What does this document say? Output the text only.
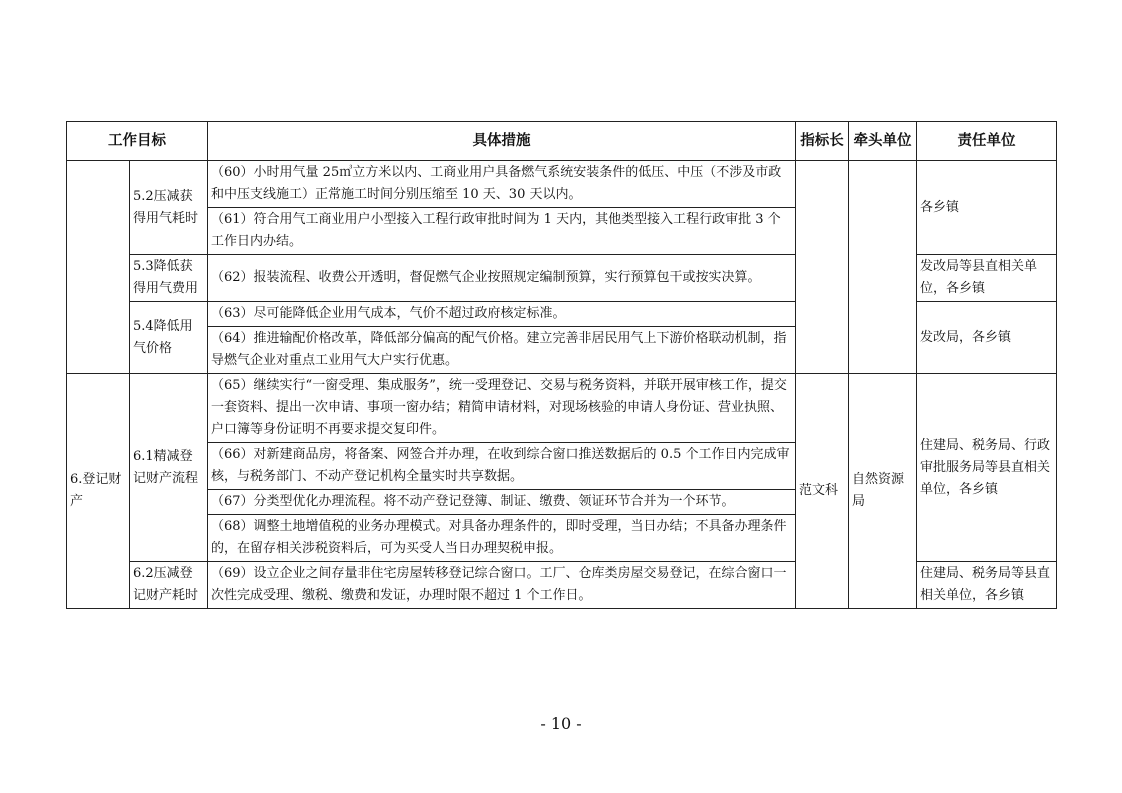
工作目标		具体措施	指标长	牵头单位	责任单位
	5.2压减获得用气耗时	（60）小时用气量 25㎥立方米以内、工商业用户具备燃气系统安装条件的低压、中压（不涉及市政和中压支线施工）正常施工时间分别压缩至 10 天、30 天以内。			各乡镇
		（61）符合用气工商业用户小型接入工程行政审批时间为 1 天内，其他类型接入工程行政审批 3 个工作日内办结。			
	5.3降低获得用气费用	（62）报装流程、收费公开透明，督促燃气企业按照规定编制预算，实行预算包干或按实决算。			发改局等县直相关单位，各乡镇
	5.4降低用气价格	（63）尽可能降低企业用气成本，气价不超过政府核定标准。			发改局，各乡镇
		（64）推进输配价格改革，降低部分偏高的配气价格。建立完善非居民用气上下游价格联动机制，指导燃气企业对重点工业用气大户实行优惠。			
6.登记财产	6.1精减登记财产流程	（65）继续实行“一窗受理、集成服务”，统一受理登记、交易与税务资料，并联开展审核工作，提交一套资料、提出一次申请、事项一窗办结；精简申请材料，对现场核验的申请人身份证、营业执照、户口簿等身份证明不再要求提交复印件。	范文科	自然资源局	住建局、税务局、行政审批服务局等县直相关单位，各乡镇
		（66）对新建商品房，将备案、网签合并办理，在收到综合窗口推送数据后的 0.5 个工作日内完成审核，与税务部门、不动产登记机构全量实时共享数据。			
		（67）分类型优化办理流程。将不动产登记登簿、制证、缴费、领证环节合并为一个环节。			
		（68）调整土地增值税的业务办理模式。对具备办理条件的，即时受理，当日办结；不具备办理条件的，在留存相关涉税资料后，可为买受人当日办理契税申报。			
	6.2压减登记财产耗时	（69）设立企业之间存量非住宅房屋转移登记综合窗口。工厂、仓库类房屋交易登记，在综合窗口一次性完成受理、缴税、缴费和发证，办理时限不超过 1 个工作日。			住建局、税务局等县直相关单位，各乡镇
- 10 -
